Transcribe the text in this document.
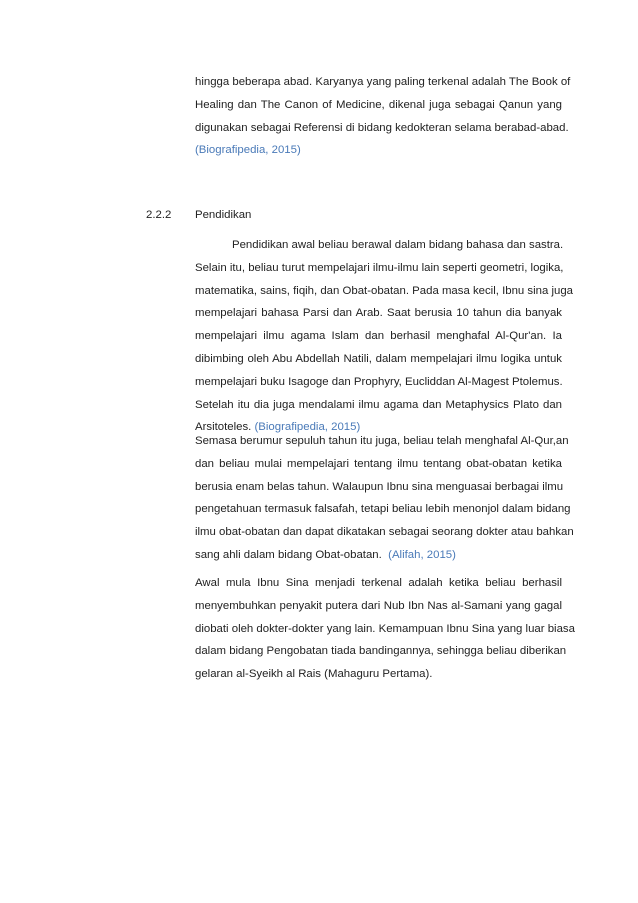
hingga beberapa abad. Karyanya yang paling terkenal adalah The Book of
Healing dan The Canon of Medicine, dikenal juga sebagai Qanun yang
digunakan sebagai Referensi di bidang kedokteran selama berabad-abad.
(Biografipedia, 2015)
2.2.2 Pendidikan
Pendidikan awal beliau berawal dalam bidang bahasa dan sastra.
Selain itu, beliau turut mempelajari ilmu-ilmu lain seperti geometri, logika,
matematika, sains, fiqih, dan Obat-obatan. Pada masa kecil, Ibnu sina juga
mempelajari bahasa Parsi dan Arab. Saat berusia 10 tahun dia banyak
mempelajari ilmu agama Islam dan berhasil menghafal Al-Qur'an. Ia
dibimbing oleh Abu Abdellah Natili, dalam mempelajari ilmu logika untuk
mempelajari buku Isagoge dan Prophyry, Eucliddan Al-Magest Ptolemus.
Setelah itu dia juga mendalami ilmu agama dan Metaphysics Plato dan
Arsitoteles. (Biografipedia, 2015)
Semasa berumur sepuluh tahun itu juga, beliau telah menghafal Al-Qur,an
dan beliau mulai mempelajari tentang ilmu tentang obat-obatan ketika
berusia enam belas tahun. Walaupun Ibnu sina menguasai berbagai ilmu
pengetahuan termasuk falsafah, tetapi beliau lebih menonjol dalam bidang
ilmu obat-obatan dan dapat dikatakan sebagai seorang dokter atau bahkan
sang ahli dalam bidang Obat-obatan. (Alifah, 2015)
Awal mula Ibnu Sina menjadi terkenal adalah ketika beliau berhasil
menyembuhkan penyakit putera dari Nub Ibn Nas al-Samani yang gagal
diobati oleh dokter-dokter yang lain. Kemampuan Ibnu Sina yang luar biasa
dalam bidang Pengobatan tiada bandingannya, sehingga beliau diberikan
gelaran al-Syeikh al Rais (Mahaguru Pertama).
